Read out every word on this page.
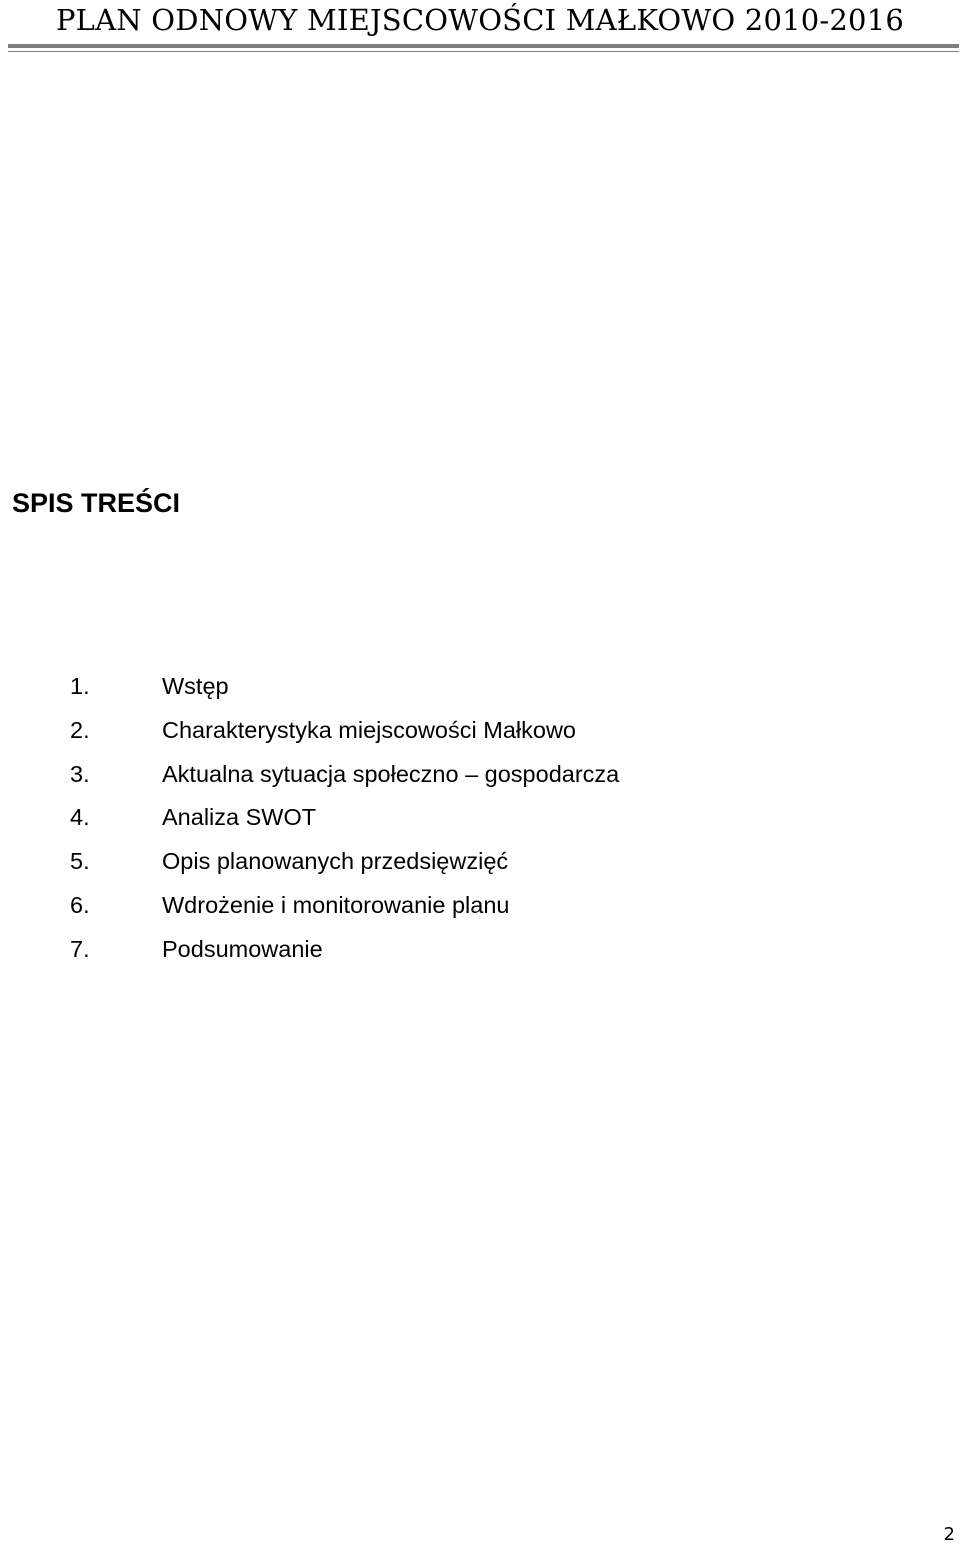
PLAN ODNOWY MIEJSCOWOŚCI MAŁKOWO 2010-2016
SPIS TREŚCI
1.	Wstęp
2.	Charakterystyka miejscowości Małkowo
3.	Aktualna sytuacja społeczno – gospodarcza
4.	Analiza SWOT
5.	Opis planowanych przedsięwzięć
6.	Wdrożenie i monitorowanie planu
7.	Podsumowanie
2
